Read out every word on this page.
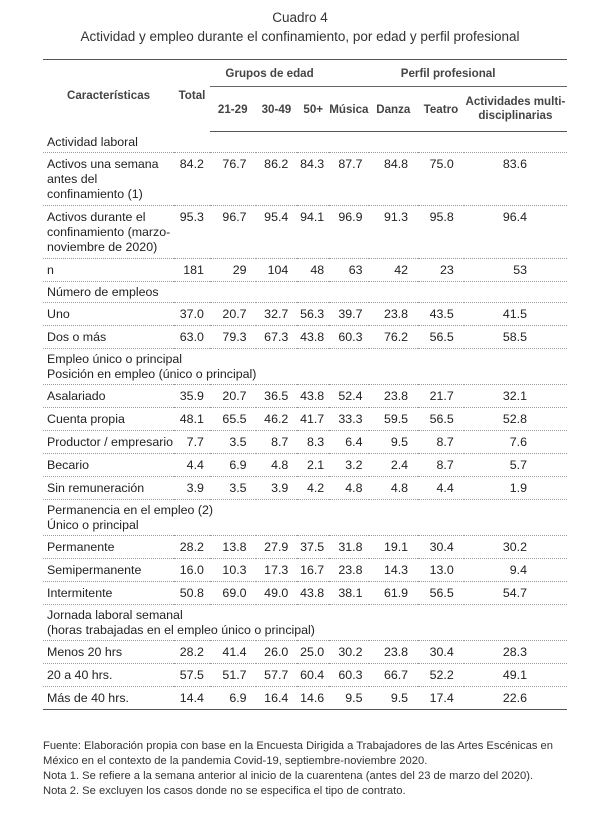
Cuadro 4
Actividad y empleo durante el confinamiento, por edad y perfil profesional
Características	Total	Grupos de edad			Perfil profesional			
		21-29	30-49	50+	Música	Danza	Teatro	Actividades multi-disciplinarias

Actividad laboral								

Activos una semana antes del confinamiento (1)	84.2	76.7	86.2	84.3	87.7	84.8	75.0	83.6
Activos durante el confinamiento (marzo-noviembre de 2020)	95.3	96.7	95.4	94.1	96.9	91.3	95.8	96.4
n	181	29	104	48	63	42	23	53

Número de empleos								

Uno	37.0	20.7	32.7	56.3	39.7	23.8	43.5	41.5
Dos o más	63.0	79.3	67.3	43.8	60.3	76.2	56.5	58.5

Empleo único o principal
Posición en empleo (único o principal)								

Asalariado	35.9	20.7	36.5	43.8	52.4	23.8	21.7	32.1
Cuenta propia	48.1	65.5	46.2	41.7	33.3	59.5	56.5	52.8
Productor / empresario	7.7	3.5	8.7	8.3	6.4	9.5	8.7	7.6
Becario	4.4	6.9	4.8	2.1	3.2	2.4	8.7	5.7
Sin remuneración	3.9	3.5	3.9	4.2	4.8	4.8	4.4	1.9

Permanencia en el empleo (2)
Único o principal								

Permanente	28.2	13.8	27.9	37.5	31.8	19.1	30.4	30.2
Semipermanente	16.0	10.3	17.3	16.7	23.8	14.3	13.0	9.4
Intermitente	50.8	69.0	49.0	43.8	38.1	61.9	56.5	54.7

Jornada laboral semanal
(horas trabajadas en el empleo único o principal)								

Menos 20 hrs	28.2	41.4	26.0	25.0	30.2	23.8	30.4	28.3
20 a 40 hrs.	57.5	51.7	57.7	60.4	60.3	66.7	52.2	49.1
Más de 40 hrs.	14.4	6.9	16.4	14.6	9.5	9.5	17.4	22.6
Fuente: Elaboración propia con base en la Encuesta Dirigida a Trabajadores de las Artes Escénicas en
México en el contexto de la pandemia Covid-19, septiembre-noviembre 2020.
Nota 1. Se refiere a la semana anterior al inicio de la cuarentena (antes del 23 de marzo del 2020).
Nota 2. Se excluyen los casos donde no se especifica el tipo de contrato.
